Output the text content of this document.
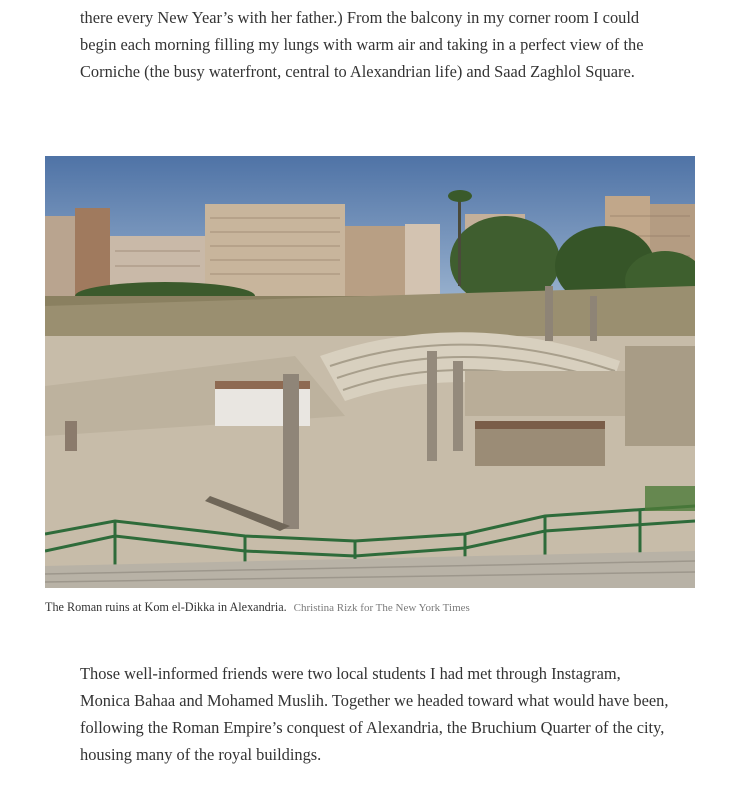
there every New Year’s with her father.) From the balcony in my corner room I could begin each morning filling my lungs with warm air and taking in a perfect view of the Corniche (the busy waterfront, central to Alexandrian life) and Saad Zaghlol Square.

The Roman ruins at Kom el-Dikka in Alexandria. Christina Rizk for The New York Times

Those well-informed friends were two local students I had met through Instagram, Monica Bahaa and Mohamed Muslih. Together we headed toward what would have been, following the Roman Empire’s conquest of Alexandria, the Bruchium Quarter of the city, housing many of the royal buildings.
